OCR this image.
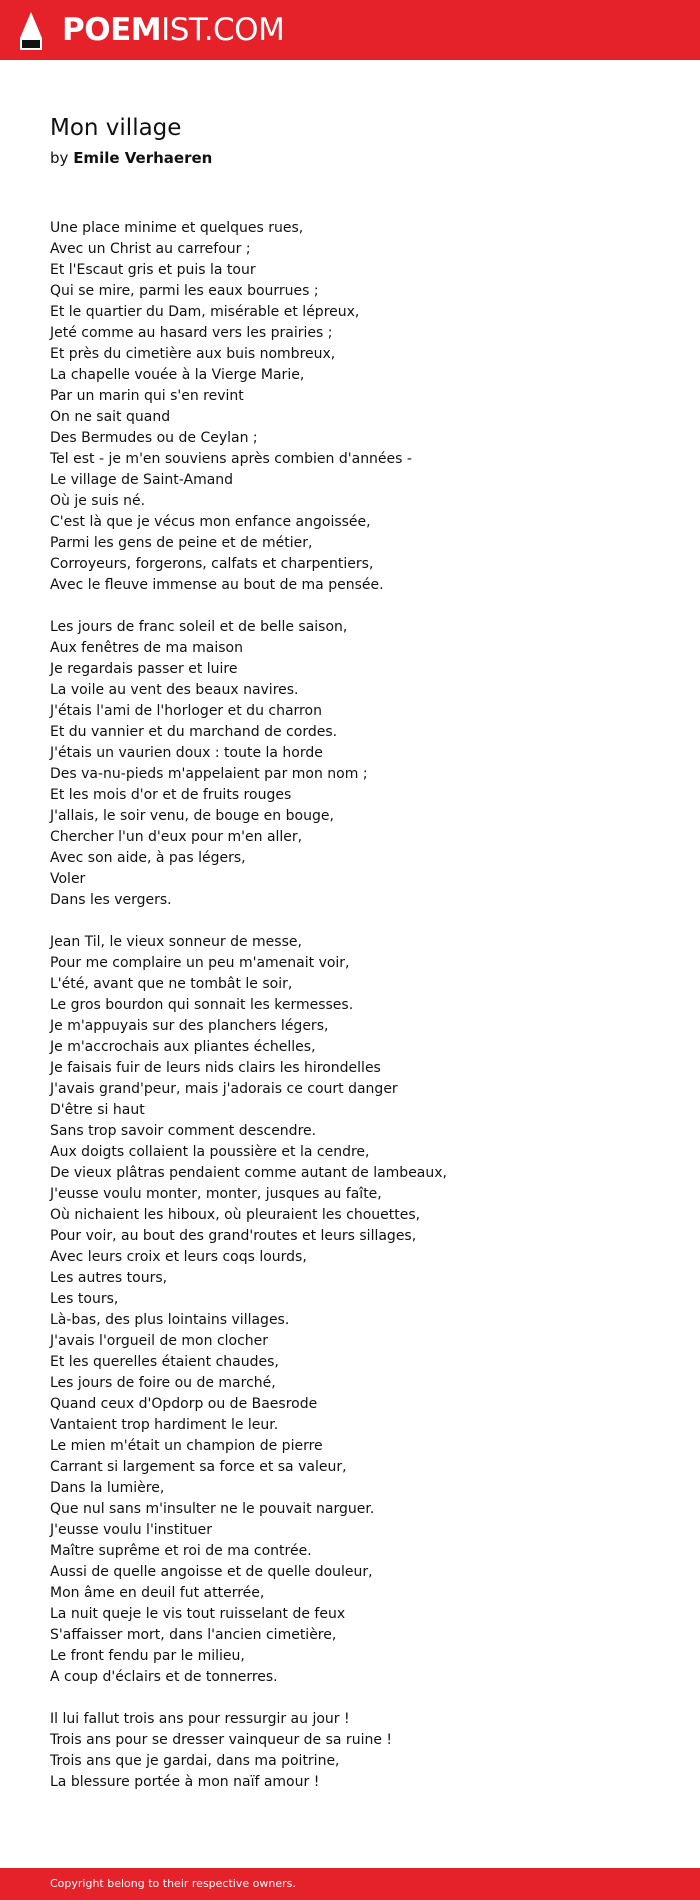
POEMIST.COM
Mon village
by Emile Verhaeren
Une place minime et quelques rues,
Avec un Christ au carrefour ;
Et l'Escaut gris et puis la tour
Qui se mire, parmi les eaux bourrues ;
Et le quartier du Dam, misérable et lépreux,
Jeté comme au hasard vers les prairies ;
Et près du cimetière aux buis nombreux,
La chapelle vouée à la Vierge Marie,
Par un marin qui s'en revint
On ne sait quand
Des Bermudes ou de Ceylan ;
Tel est - je m'en souviens après combien d'années -
Le village de Saint-Amand
Où je suis né.
C'est là que je vécus mon enfance angoissée,
Parmi les gens de peine et de métier,
Corroyeurs, forgerons, calfats et charpentiers,
Avec le fleuve immense au bout de ma pensée.
Les jours de franc soleil et de belle saison,
Aux fenêtres de ma maison
Je regardais passer et luire
La voile au vent des beaux navires.
J'étais l'ami de l'horloger et du charron
Et du vannier et du marchand de cordes.
J'étais un vaurien doux : toute la horde
Des va-nu-pieds m'appelaient par mon nom ;
Et les mois d'or et de fruits rouges
J'allais, le soir venu, de bouge en bouge,
Chercher l'un d'eux pour m'en aller,
Avec son aide, à pas légers,
Voler
Dans les vergers.
Jean Til, le vieux sonneur de messe,
Pour me complaire un peu m'amenait voir,
L'été, avant que ne tombât le soir,
Le gros bourdon qui sonnait les kermesses.
Je m'appuyais sur des planchers légers,
Je m'accrochais aux pliantes échelles,
Je faisais fuir de leurs nids clairs les hirondelles
J'avais grand'peur, mais j'adorais ce court danger
D'être si haut
Sans trop savoir comment descendre.
Aux doigts collaient la poussière et la cendre,
De vieux plâtras pendaient comme autant de lambeaux,
J'eusse voulu monter, monter, jusques au faîte,
Où nichaient les hiboux, où pleuraient les chouettes,
Pour voir, au bout des grand'routes et leurs sillages,
Avec leurs croix et leurs coqs lourds,
Les autres tours,
Les tours,
Là-bas, des plus lointains villages.
J'avais l'orgueil de mon clocher
Et les querelles étaient chaudes,
Les jours de foire ou de marché,
Quand ceux d'Opdorp ou de Baesrode
Vantaient trop hardiment le leur.
Le mien m'était un champion de pierre
Carrant si largement sa force et sa valeur,
Dans la lumière,
Que nul sans m'insulter ne le pouvait narguer.
J'eusse voulu l'instituer
Maître suprême et roi de ma contrée.
Aussi de quelle angoisse et de quelle douleur,
Mon âme en deuil fut atterrée,
La nuit queje le vis tout ruisselant de feux
S'affaisser mort, dans l'ancien cimetière,
Le front fendu par le milieu,
A coup d'éclairs et de tonnerres.
Il lui fallut trois ans pour ressurgir au jour !
Trois ans pour se dresser vainqueur de sa ruine !
Trois ans que je gardai, dans ma poitrine,
La blessure portée à mon naïf amour !
Copyright belong to their respective owners.
